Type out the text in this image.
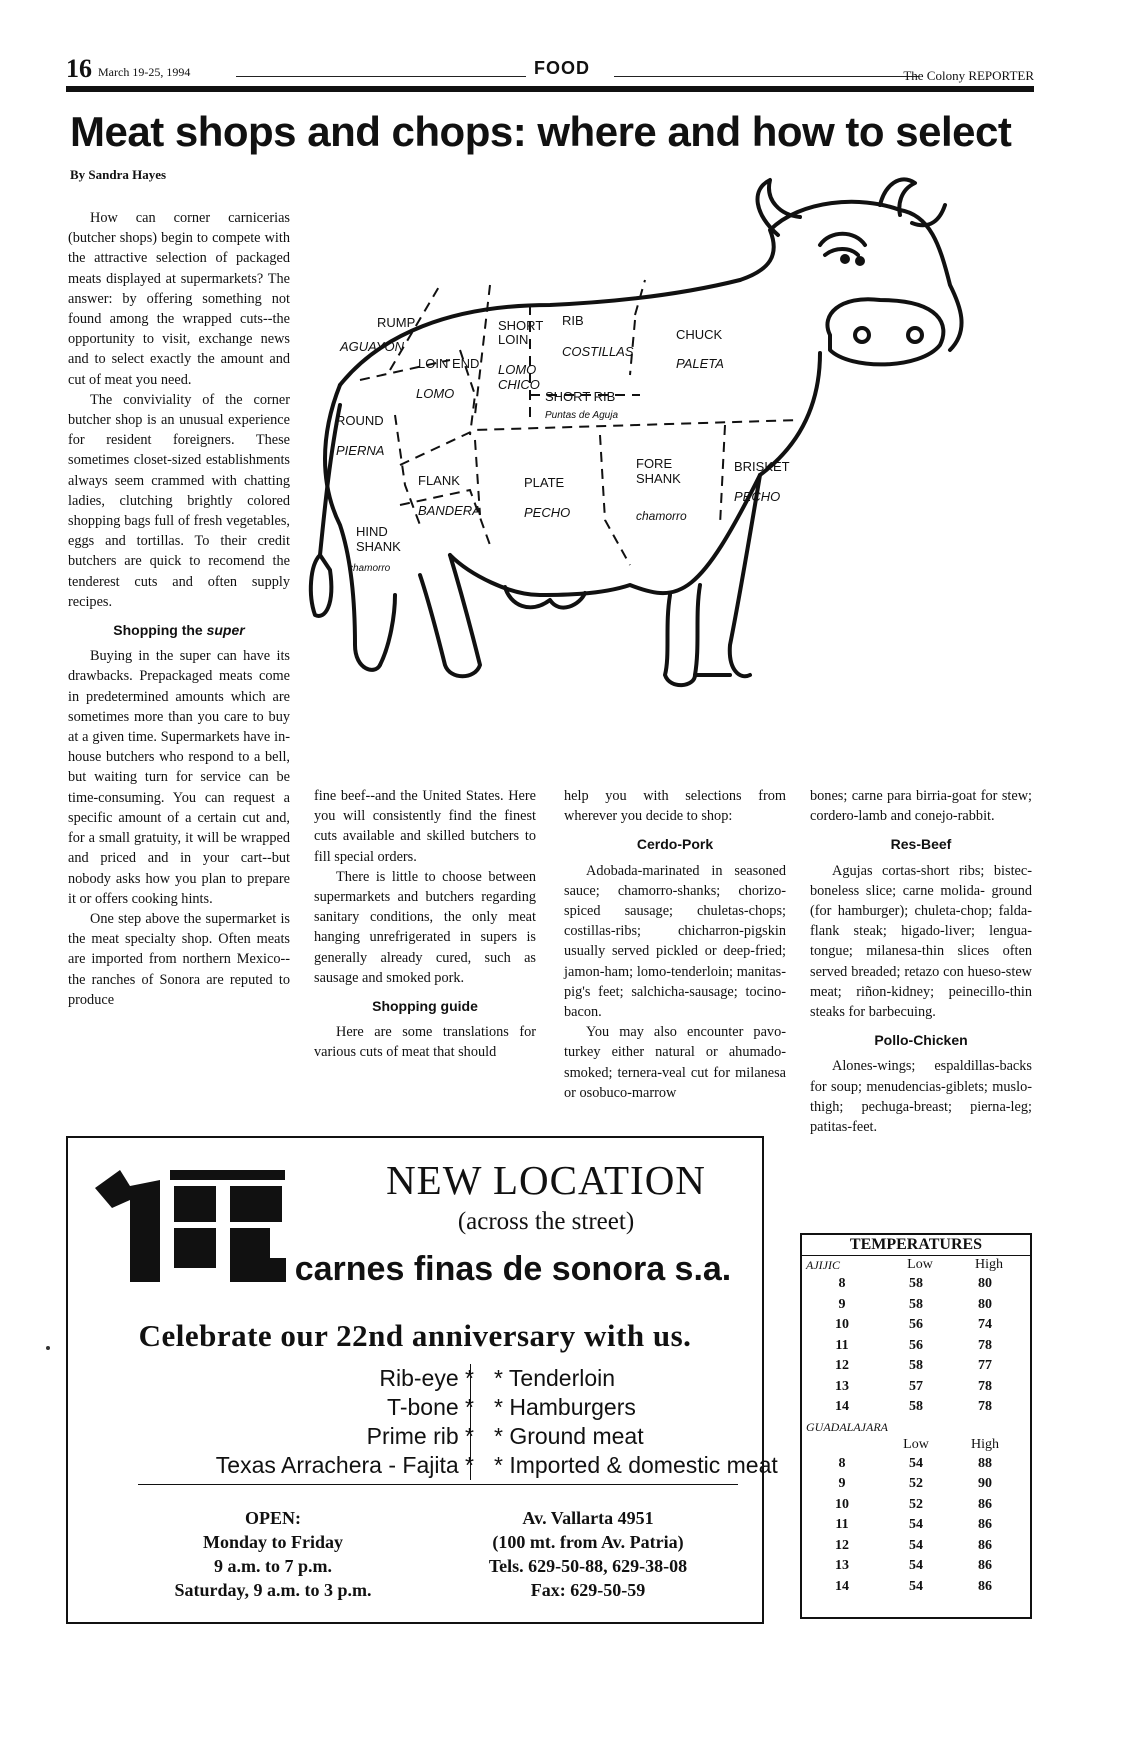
16 March 19-25, 1994	FOOD	The Colony REPORTER
Meat shops and chops: where and how to select
By Sandra Hayes

How can corner carnicerias (butcher shops) begin to compete with the attractive selection of packaged meats displayed at supermarkets? The answer: by offering something not found among the wrapped cuts--the opportunity to visit, exchange news and to select exactly the amount and cut of meat you need.

The conviviality of the corner butcher shop is an unusual experience for resident foreigners. These sometimes closet-sized establishments always seem crammed with chatting ladies, clutching brightly colored shopping bags full of fresh vegetables, eggs and tortillas. To their credit butchers are quick to recomend the tenderest cuts and often supply recipes.

Shopping the super

Buying in the super can have its drawbacks. Prepackaged meats come in predetermined amounts which are sometimes more than you care to buy at a given time. Supermarkets have in-house butchers who respond to a bell, but waiting turn for service can be time-consuming. You can request a specific amount of a certain cut and, for a small gratuity, it will be wrapped and priced and in your cart--but nobody asks how you plan to prepare it or offers cooking hints.

One step above the supermarket is the meat specialty shop. Often meats are imported from northern Mexico--the ranches of Sonora are reputed to produce

fine beef--and the United States. Here you will consistently find the finest cuts available and skilled butchers to fill special orders.

There is little to choose between supermarkets and butchers regarding sanitary conditions, the only meat hanging unrefrigerated in supers is generally already cured, such as sausage and smoked pork.

Shopping guide

Here are some translations for various cuts of meat that should

help you with selections from wherever you decide to shop:

Cerdo-Pork

Adobada-marinated in seasoned sauce; chamorro-shanks; chorizo-spiced sausage; chuletas-chops; costillas-ribs; chicharron-pigskin usually served pickled or deep-fried; jamon-ham; lomo-tenderloin; manitas-pig's feet; salchicha-sausage; tocino-bacon.

You may also encounter pavo-turkey either natural or ahumado-smoked; ternera-veal cut for milanesa or osobuco-marrow

bones; carne para birria-goat for stew; cordero-lamb and conejo-rabbit.

Res-Beef

Agujas cortas-short ribs; bistec- boneless slice; carne molida- ground (for hamburger); chuleta-chop; falda-flank steak; higado-liver; lengua-tongue; milanesa-thin slices often served breaded; retazo con hueso-stew meat; riñon-kidney; peinecillo-thin steaks for barbecuing.

Pollo-Chicken

Alones-wings; espaldillas-backs for soup; menudencias-giblets; muslo-thigh; pechuga-breast; pierna-leg; patitas-feet.

RUMP
AGUAYON
LOIN END
LOMO
SHORT
LOIN
LOMO
CHICO
RIB
COSTILLAS
SHORT RIB
Puntas de Aguja
CHUCK
PALETA
ROUND
PIERNA
FLANK
BANDERA
PLATE
PECHO
FORE
SHANK
chamorro
BRISKET
PECHO
HIND
SHANK
chamorro
NEW LOCATION
(across the street)
carnes finas de sonora s.a.
Celebrate our 22nd anniversary with us.
Rib-eye *
T-bone *
Prime rib *
Texas Arrachera - Fajita *
* Tenderloin
* Hamburgers
* Ground meat
* Imported & domestic meat
OPEN:
Monday to Friday
9 a.m. to 7 p.m.
Saturday, 9 a.m. to 3 p.m.
Av. Vallarta 4951
(100 mt. from Av. Patria)
Tels. 629-50-88, 629-38-08
Fax: 629-50-59
TEMPERATURES
AJIJIC	Low	High
8	58	80
9	58	80
10	56	74
11	56	78
12	58	77
13	57	78
14	58	78
GUADALAJARA
Low	High
8	54	88
9	52	90
10	52	86
11	54	86
12	54	86
13	54	86
14	54	86
